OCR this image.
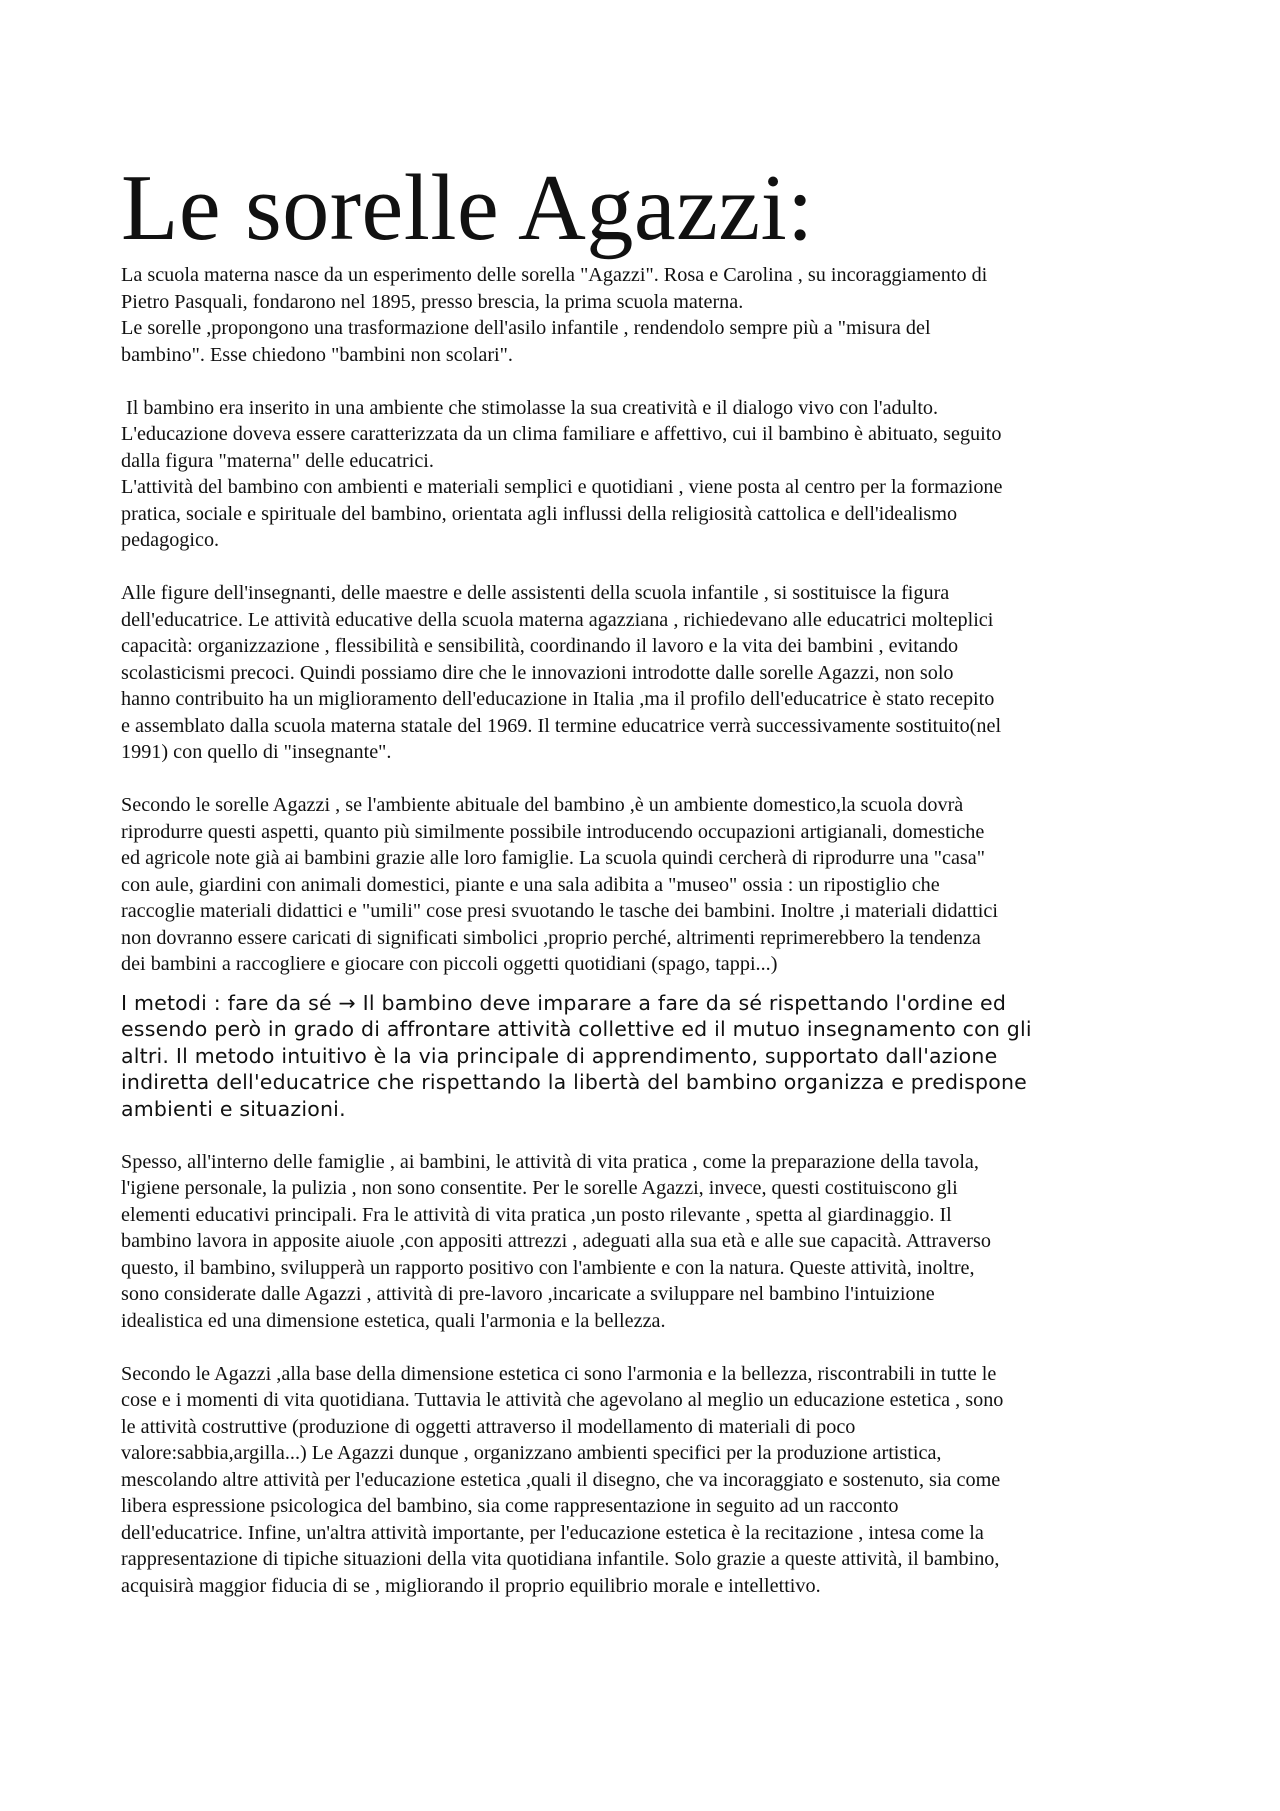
Le sorelle Agazzi:

La scuola materna nasce da un esperimento delle sorella "Agazzi". Rosa e Carolina , su incoraggiamento di
Pietro Pasquali, fondarono nel 1895, presso brescia, la prima scuola materna.
Le sorelle ,propongono una trasformazione dell'asilo infantile , rendendolo sempre più a "misura del
bambino". Esse chiedono "bambini non scolari".

Il bambino era inserito in una ambiente che stimolasse la sua creatività e il dialogo vivo con l'adulto.
L'educazione doveva essere caratterizzata da un clima familiare e affettivo, cui il bambino è abituato, seguito
dalla figura "materna" delle educatrici.
L'attività del bambino con ambienti e materiali semplici e quotidiani , viene posta al centro per la formazione
pratica, sociale e spirituale del bambino, orientata agli influssi della religiosità cattolica e dell'idealismo
pedagogico.

Alle figure dell'insegnanti, delle maestre e delle assistenti della scuola infantile , si sostituisce la figura
dell'educatrice. Le attività educative della scuola materna agazziana , richiedevano alle educatrici molteplici
capacità: organizzazione , flessibilità e sensibilità, coordinando il lavoro e la vita dei bambini , evitando
scolasticismi precoci. Quindi possiamo dire che le innovazioni introdotte dalle sorelle Agazzi, non solo
hanno contribuito ha un miglioramento dell'educazione in Italia ,ma il profilo dell'educatrice è stato recepito
e assemblato dalla scuola materna statale del 1969. Il termine educatrice verrà successivamente sostituito(nel
1991) con quello di "insegnante".

Secondo le sorelle Agazzi , se l'ambiente abituale del bambino ,è un ambiente domestico,la scuola dovrà
riprodurre questi aspetti, quanto più similmente possibile introducendo occupazioni artigianali, domestiche
ed agricole note già ai bambini grazie alle loro famiglie. La scuola quindi cercherà di riprodurre una "casa"
con aule, giardini con animali domestici, piante e una sala adibita a "museo" ossia : un ripostiglio che
raccoglie materiali didattici e "umili" cose presi svuotando le tasche dei bambini. Inoltre ,i materiali didattici
non dovranno essere caricati di significati simbolici ,proprio perché, altrimenti reprimerebbero la tendenza
dei bambini a raccogliere e giocare con piccoli oggetti quotidiani (spago, tappi...)

I metodi : fare da sé → Il bambino deve imparare a fare da sé rispettando l'ordine ed
essendo però in grado di affrontare attività collettive ed il mutuo insegnamento con gli
altri. Il metodo intuitivo è la via principale di apprendimento, supportato dall'azione
indiretta dell'educatrice che rispettando la libertà del bambino organizza e predispone
ambienti e situazioni.

Spesso, all'interno delle famiglie , ai bambini, le attività di vita pratica , come la preparazione della tavola,
l'igiene personale, la pulizia , non sono consentite. Per le sorelle Agazzi, invece, questi costituiscono gli
elementi educativi principali. Fra le attività di vita pratica ,un posto rilevante , spetta al giardinaggio. Il
bambino lavora in apposite aiuole ,con appositi attrezzi , adeguati alla sua età e alle sue capacità. Attraverso
questo, il bambino, svilupperà un rapporto positivo con l'ambiente e con la natura. Queste attività, inoltre,
sono considerate dalle Agazzi , attività di pre-lavoro ,incaricate a sviluppare nel bambino l'intuizione
idealistica ed una dimensione estetica, quali l'armonia e la bellezza.

Secondo le Agazzi ,alla base della dimensione estetica ci sono l'armonia e la bellezza, riscontrabili in tutte le
cose e i momenti di vita quotidiana. Tuttavia le attività che agevolano al meglio un educazione estetica , sono
le attività costruttive (produzione di oggetti attraverso il modellamento di materiali di poco
valore:sabbia,argilla...) Le Agazzi dunque , organizzano ambienti specifici per la produzione artistica,
mescolando altre attività per l'educazione estetica ,quali il disegno, che va incoraggiato e sostenuto, sia come
libera espressione psicologica del bambino, sia come rappresentazione in seguito ad un racconto
dell'educatrice. Infine, un'altra attività importante, per l'educazione estetica è la recitazione , intesa come la
rappresentazione di tipiche situazioni della vita quotidiana infantile. Solo grazie a queste attività, il bambino,
acquisirà maggior fiducia di se , migliorando il proprio equilibrio morale e intellettivo.
